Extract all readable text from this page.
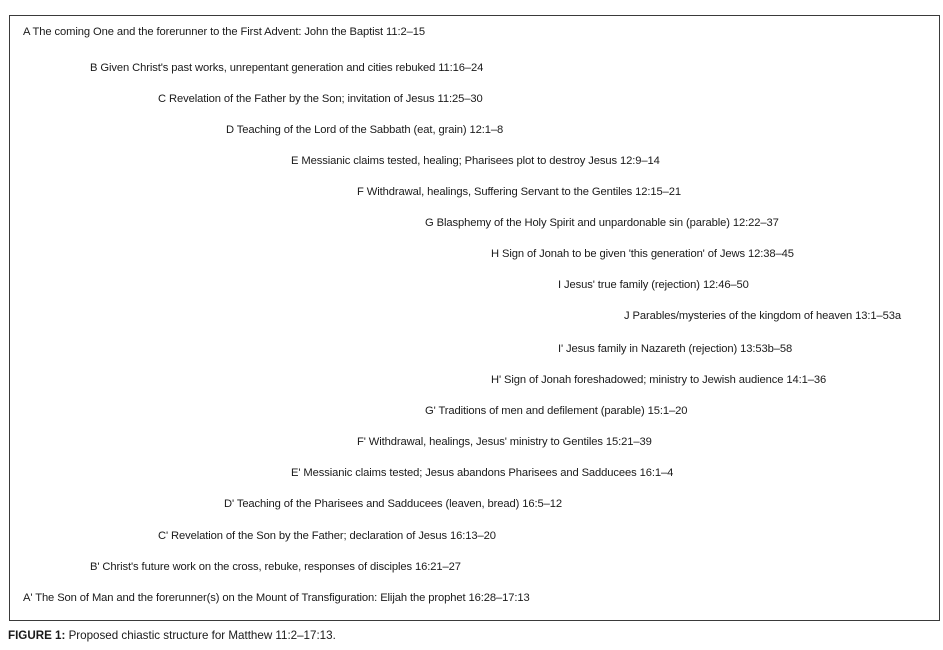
A The coming One and the forerunner to the First Advent: John the Baptist 11:2–15
B Given Christ's past works, unrepentant generation and cities rebuked 11:16–24
C Revelation of the Father by the Son; invitation of Jesus 11:25–30
D Teaching of the Lord of the Sabbath (eat, grain) 12:1–8
E Messianic claims tested, healing; Pharisees plot to destroy Jesus 12:9–14
F Withdrawal, healings, Suffering Servant to the Gentiles 12:15–21
G Blasphemy of the Holy Spirit and unpardonable sin (parable) 12:22–37
H Sign of Jonah to be given 'this generation' of Jews 12:38–45
I Jesus' true family (rejection) 12:46–50
J Parables/mysteries of the kingdom of heaven 13:1–53a
I' Jesus family in Nazareth (rejection) 13:53b–58
H' Sign of Jonah foreshadowed; ministry to Jewish audience 14:1–36
G' Traditions of men and defilement (parable) 15:1–20
F' Withdrawal, healings, Jesus' ministry to Gentiles 15:21–39
E' Messianic claims tested; Jesus abandons Pharisees and Sadducees 16:1–4
D' Teaching of the Pharisees and Sadducees (leaven, bread) 16:5–12
C' Revelation of the Son by the Father; declaration of Jesus 16:13–20
B' Christ's future work on the cross, rebuke, responses of disciples 16:21–27
A' The Son of Man and the forerunner(s) on the Mount of Transfiguration: Elijah the prophet 16:28–17:13
FIGURE 1: Proposed chiastic structure for Matthew 11:2–17:13.
